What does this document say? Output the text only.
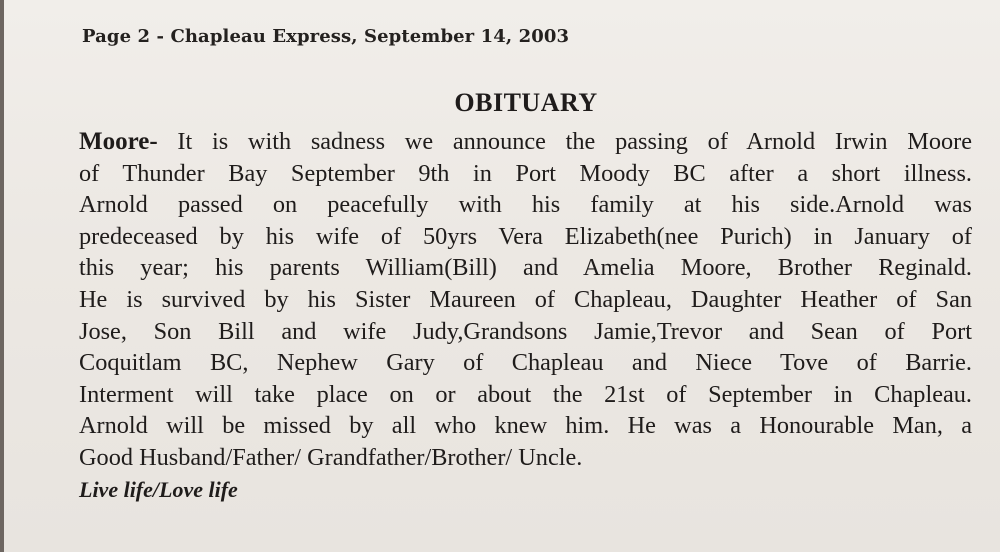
Page 2 - Chapleau Express, September 14, 2003
OBITUARY
Moore- It is with sadness we announce the passing of Arnold Irwin Moore
of Thunder Bay September 9th in Port Moody BC after a short illness.
Arnold passed on peacefully with his family at his side.Arnold was
predeceased by his wife of 50yrs Vera Elizabeth(nee Purich) in January of
this year; his parents William(Bill) and Amelia Moore, Brother Reginald.
He is survived by his Sister Maureen of Chapleau, Daughter Heather of San
Jose, Son Bill and wife Judy,Grandsons Jamie,Trevor and Sean of Port
Coquitlam BC, Nephew Gary of Chapleau and Niece Tove of Barrie.
Interment will take place on or about the 21st of September in Chapleau.
Arnold will be missed by all who knew him. He was a Honourable Man, a
Good Husband/Father/ Grandfather/Brother/ Uncle.
Live life/Love life
